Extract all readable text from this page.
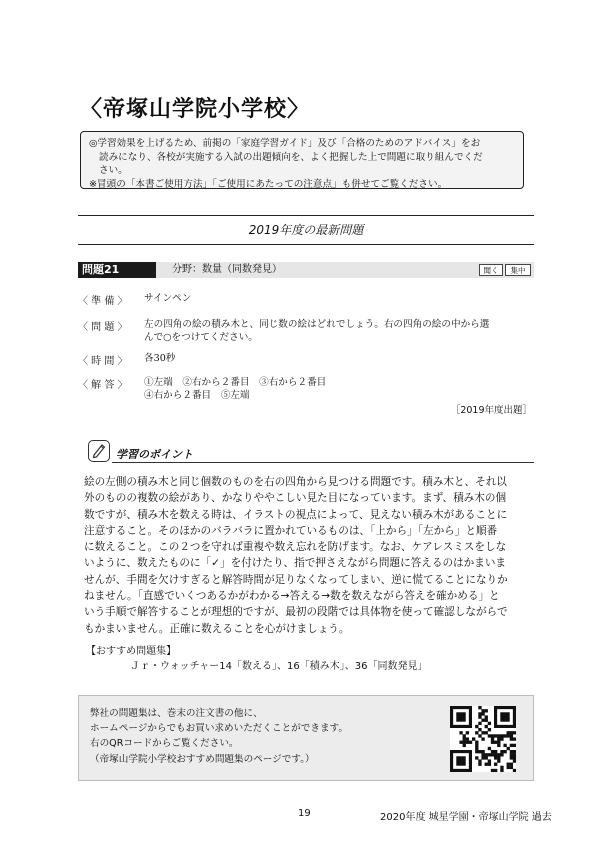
〈帝塚山学院小学校〉

◎学習効果を上げるため、前掲の「家庭学習ガイド」及び「合格のためのアドバイス」をお

読みになり、各校が実施する入試の出題傾向を、よく把握した上で問題に取り組んでくだ

さい。

※冒頭の「本書ご使用方法」「ご使用にあたっての注意点」も併せてご覧ください。

2019年度の最新問題
問題21	分野：数量（同数発見）	聞く	集中
〈 準 備 〉 サインペン
〈 問 題 〉 左の四角の絵の積み木と、同じ数の絵はどれでしょう。右の四角の絵の中から選
んで○をつけてください。
〈 時 間 〉 各30秒
〈 解 答 〉 ①左端　②右から２番目　③右から２番目
④右から２番目　⑤左端
［2019年度出題］
学習のポイント

絵の左側の積み木と同じ個数のものを右の四角から見つける問題です。積み木と、それ以

外のものの複数の絵があり、かなりややこしい見た目になっています。まず、積み木の個

数ですが、積み木を数える時は、イラストの視点によって、見えない積み木があることに

注意すること。そのほかのバラバラに置かれているものは、「上から」「左から」と順番

に数えること。この２つを守れば重複や数え忘れを防げます。なお、ケアレスミスをしな

いように、数えたものに「✓」を付けたり、指で押さえながら問題に答えるのはかまいま

せんが、手間を欠けすぎると解答時間が足りなくなってしまい、逆に慌てることになりか

ねません。「直感でいくつあるかがわかる→答える→数を数えながら答えを確かめる」と

いう手順で解答することが理想的ですが、最初の段階では具体物を使って確認しながらで

もかまいません。正確に数えることを心がけましょう。

【おすすめ問題集】
Ｊｒ・ウォッチャー14「数える」、16「積み木」、36「同数発見」

弊社の問題集は、巻末の注文書の他に、

ホームページからでもお買い求めいただくことができます。

右のQRコードからご覧ください。

（帝塚山学院小学校おすすめ問題集のページです。）

19	2020年度 城星学園・帝塚山学院 過去
